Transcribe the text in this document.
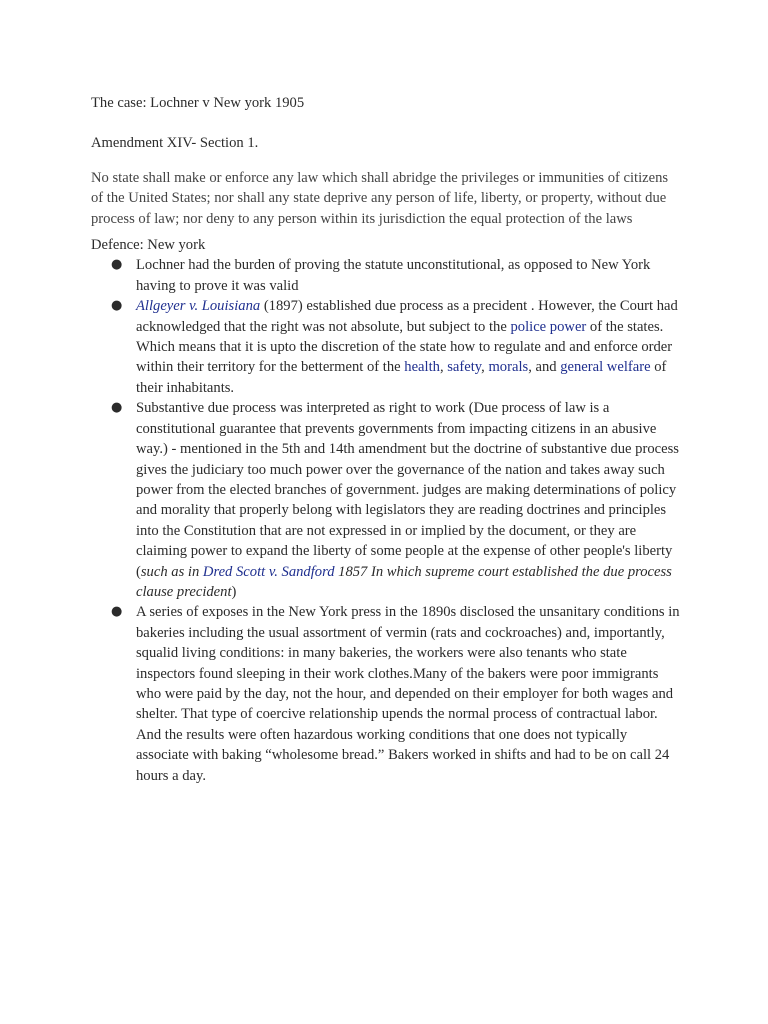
The case: Lochner v New york 1905

Amendment XIV- Section 1.

No state shall make or enforce any law which shall abridge the privileges or immunities of citizens of the United States; nor shall any state deprive any person of life, liberty, or property, without due process of law; nor deny to any person within its jurisdiction the equal protection of the laws

Defence: New york

● Lochner had the burden of proving the statute unconstitutional, as opposed to New York having to prove it was valid
● Allgeyer v. Louisiana (1897) established due process as a precident . However, the Court had acknowledged that the right was not absolute, but subject to the police power of the states. Which means that it is upto the discretion of the state how to regulate and and enforce order within their territory for the betterment of the health, safety, morals, and general welfare of their inhabitants.
● Substantive due process was interpreted as right to work (Due process of law is a constitutional guarantee that prevents governments from impacting citizens in an abusive way.) - mentioned in the 5th and 14th amendment but the doctrine of substantive due process gives the judiciary too much power over the governance of the nation and takes away such power from the elected branches of government. judges are making determinations of policy and morality that properly belong with legislators they are reading doctrines and principles into the Constitution that are not expressed in or implied by the document, or they are claiming power to expand the liberty of some people at the expense of other people's liberty (such as in Dred Scott v. Sandford 1857 In which supreme court established the due process clause precident)
● A series of exposes in the New York press in the 1890s disclosed the unsanitary conditions in bakeries including the usual assortment of vermin (rats and cockroaches) and, importantly, squalid living conditions: in many bakeries, the workers were also tenants who state inspectors found sleeping in their work clothes.Many of the bakers were poor immigrants who were paid by the day, not the hour, and depended on their employer for both wages and shelter. That type of coercive relationship upends the normal process of contractual labor. And the results were often hazardous working conditions that one does not typically associate with baking “wholesome bread.” Bakers worked in shifts and had to be on call 24 hours a day.
